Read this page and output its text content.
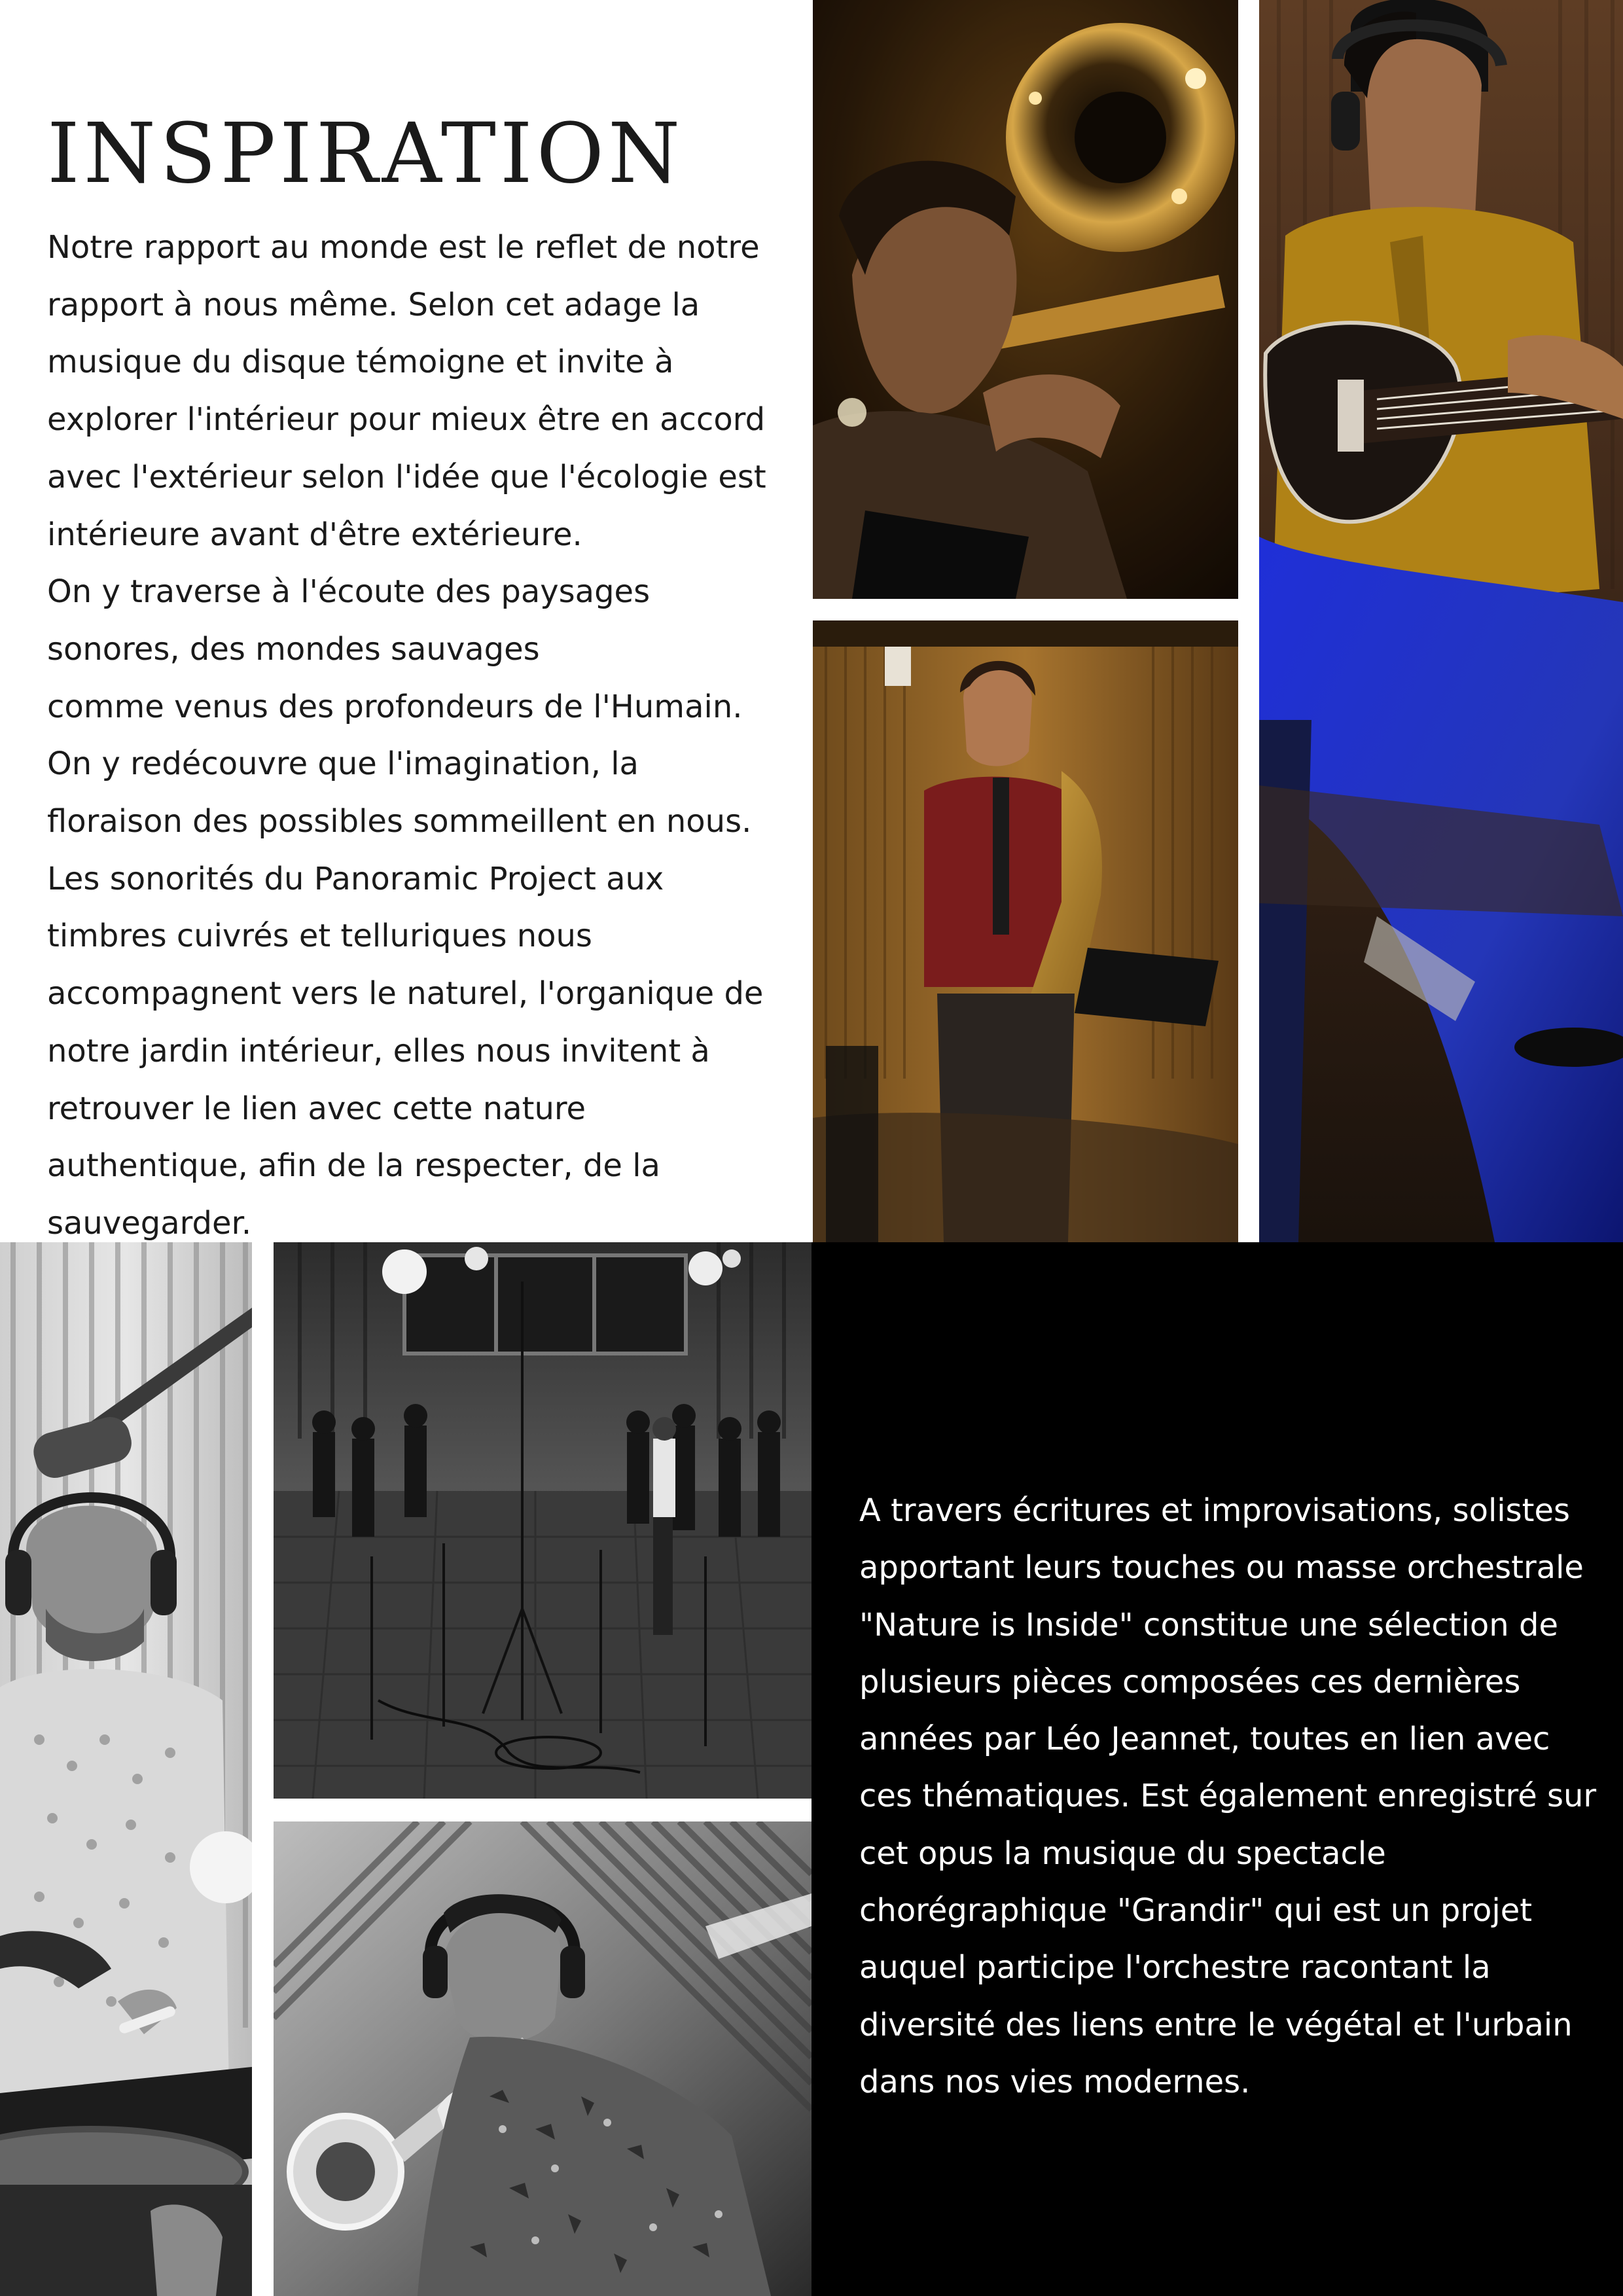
INSPIRATION

Notre rapport au monde est le reflet de notre rapport à nous même. Selon cet adage la musique du disque témoigne et invite à explorer l'intérieur pour mieux être en accord avec l'extérieur selon l'idée que l'écologie est intérieure avant d'être extérieure.

On y traverse à l'écoute des paysages sonores, des mondes sauvages

comme venus des profondeurs de l'Humain.

On y redécouvre que l'imagination, la floraison des possibles sommeillent en nous. Les sonorités du Panoramic Project aux timbres cuivrés et telluriques nous accompagnent vers le naturel, l'organique de notre jardin intérieur, elles nous invitent à retrouver le lien avec cette nature authentique, afin de la respecter, de la sauvegarder.

A travers écritures et improvisations, solistes apportant leurs touches ou masse orchestrale "Nature is Inside" constitue une sélection de plusieurs pièces composées ces dernières années par Léo Jeannet, toutes en lien avec ces thématiques. Est également enregistré sur cet opus la musique du spectacle chorégraphique "Grandir" qui est un projet auquel participe l'orchestre racontant la diversité des liens entre le végétal et l'urbain dans nos vies modernes.
